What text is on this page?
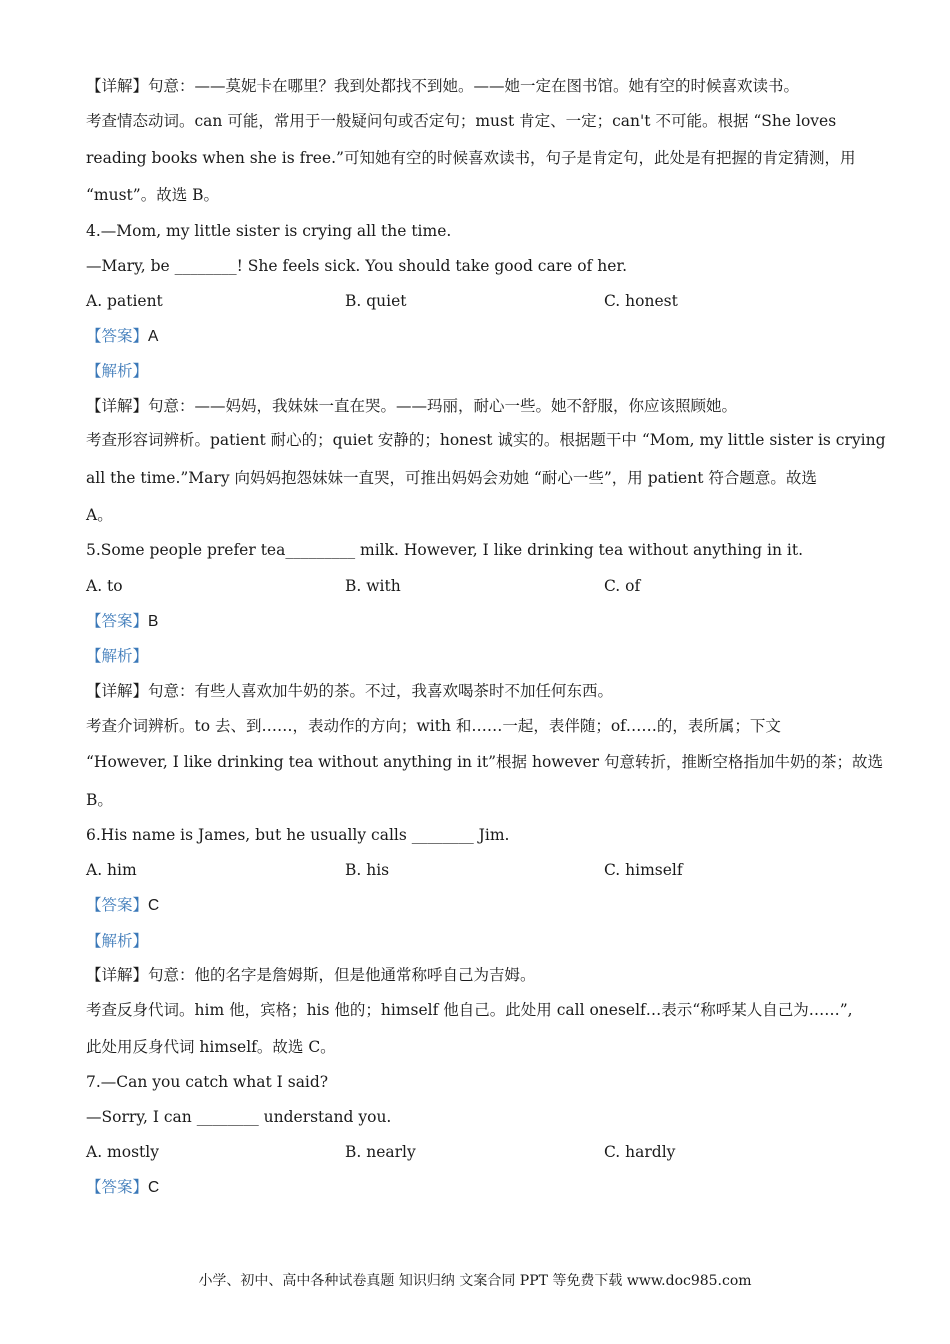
【详解】句意：——莫妮卡在哪里？我到处都找不到她。——她一定在图书馆。她有空的时候喜欢读书。
考查情态动词。can 可能，常用于一般疑问句或否定句；must 肯定、一定；can't 不可能。根据 “She loves
reading books when she is free.”可知她有空的时候喜欢读书，句子是肯定句，此处是有把握的肯定猜测，用
“must”。故选 B。
4.—Mom, my little sister is crying all the time.
—Mary, be ________! She feels sick. You should take good care of her.
A. patient	B. quiet	C. honest
【答案】A
【解析】
【详解】句意：——妈妈，我妹妹一直在哭。——玛丽，耐心一些。她不舒服，你应该照顾她。
考查形容词辨析。patient 耐心的；quiet 安静的；honest 诚实的。根据题干中 “Mom, my little sister is crying
all the time.”Mary 向妈妈抱怨妹妹一直哭，可推出妈妈会劝她 “耐心一些”，用 patient 符合题意。故选
A。
5.Some people prefer tea_________ milk. However, I like drinking tea without anything in it.
A. to	B. with	C. of
【答案】B
【解析】
【详解】句意：有些人喜欢加牛奶的茶。不过，我喜欢喝茶时不加任何东西。
考查介词辨析。to 去、到……，表动作的方向；with 和……一起，表伴随；of……的，表所属；下文
“However, I like drinking tea without anything in it”根据 however 句意转折，推断空格指加牛奶的茶；故选
B。
6.His name is James, but he usually calls ________ Jim.
A. him	B. his	C. himself
【答案】C
【解析】
【详解】句意：他的名字是詹姆斯，但是他通常称呼自己为吉姆。
考查反身代词。him 他，宾格；his 他的；himself 他自己。此处用 call oneself…表示“称呼某人自己为……”,
此处用反身代词 himself。故选 C。
7.—Can you catch what I said?
—Sorry, I can ________ understand you.
A. mostly	B. nearly	C. hardly
【答案】C
小学、初中、高中各种试卷真题 知识归纳 文案合同 PPT 等免费下载 www.doc985.com
